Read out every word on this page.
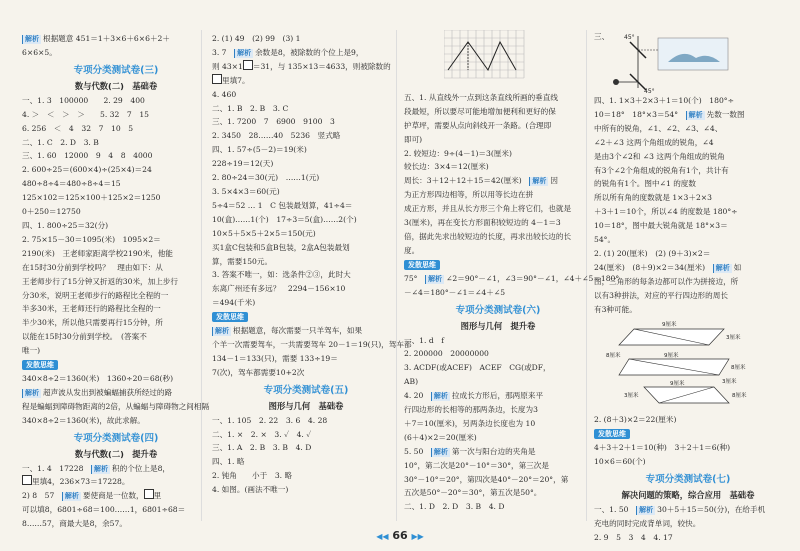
解析 根据题意 451＝1＋3×6＋6×6＋2＋
6×6×5。
专项分类测试卷(三)
数与代数(二)　基础卷
一、1. 3　100000　　2. 29　400
4. ＞　＜　＞　＞　　5. 32　7　15
6. 256　＜　4　32　7　10　5
二、1. C　2. D　3. B
三、1. 60　12000　9　4　8　4000
2. 600÷25＝(600×4)÷(25×4)＝24
480÷8÷4＝480÷8÷4＝15
125×102＝125×100＋125×2＝1250
0＋250＝12750
四、1. 800÷25＝32(分)
2. 75×15－30＝1095(米)　1095×2＝
2190(米)　王老师家距离学校2190米，他能
在15时30分前到学校吗？　理由如下：从
王老师步行了15分钟又折返的30米，加上步行
分30米，说明王老师步行的路程比全程的一
半多30米，王老师还行的路程比全程的一
半少30米，所以他只需要再行15分钟，所
以能在15时30分前到学校。　(答案不
唯一)
发散思维
340×8÷2＝1360(米)　1360÷20＝68(秒)
解析 超声波从发出到被蝙蝠捕获所经过的路
程是蝙蝠到障碍物距离的2倍，从蝙蝠与障碍物之间相隔
340×8÷2＝1360(米)，故此求解。
专项分类测试卷(四)
数与代数(二)　提升卷
一、1. 4　17228　 解析 积的个位上是8，
里填4，236×73＝17228。
2) 8　57　 解析 要使商是一位数， 里
可以填8，6801÷68＝100……1，6801÷68＝
8……57，商最大是8，余57。
2. (1) 49　(2) 99　(3) 1
3. 7　 解析 余数是8，被除数的个位上是9，
则 43×1 ＝31，与 135×13＝4633，则被除数的
里填7。
4. 460
二、1. B　2. B　3. C
三、1. 7200　7　6900　9100　3
2. 3450　28……40　5236　竖式略
四、1. 57÷(5－2)＝19(米)
228÷19＝12(天)
2. 80÷24＝30(元)　……1(元)
3. 5×4×3＝60(元)
5÷4＝52 … 1　C 包装最划算，41÷4＝
10(盒)……1(个)　17÷3＝5(盒)……2(个)
10×5＋5×5＋2×5＝150(元)
买1盒C包装和5盒B包装，2盒A包装最划
算，需要150元。
3. 答案不唯一，如：选条件②③，此时大
东离广州还有多远？　2294－156×10
＝494(千米)
发散思维
解析 根据题意，每次需要一只羊驾车，如果
个羊一次需要驾车，一共需要驾车 20－1＝19(只)，驾车都
134－1＝133(只)，需要 133÷19＝
7(次)，驾车都需要10+2次
专项分类测试卷(五)
图形与几何　基础卷
一、1. 105　2. 22　3. 6　4. 28
二、1. ×　2. ×　3. ✓　4. ✓
三、1. A　2. B　3. B　4. D
四、1. 略
2. 钝角　　小于　3. 略
4. 如图。(画法不唯一)
五、1. 从直线外一点到这条直线所画的垂直线
段最短，所以要尽可能地增加便利和更好的保
护草坪，需要从点向斜线开一条路。(合理即
即可)
2. 较短边：9÷(4－1)＝3(厘米)
较长边：3×4＝12(厘米)
周长：3＋12＋12＋15＝42(厘米)　 解析 因
为正方形四边相等，所以用等长边在拼
成正方形，并且从长方形三个角上将它们，也就是
3(厘米)，再在变长方形面积较短边的 4－1＝3
倍，据此先求出较短边的长度，再求出较长边的长
度。
发散思维
75°　 解析 ∠2＝90°－∠1，∠3＝90°－∠1，∠4＋∠5＝180°
－∠4＝180°－∠1＝∠4＋∠5
专项分类测试卷(六)
图形与几何　提升卷
一、1. d　f
2. 200000　20000000
3. ACDF(或ACEF)　ACEF　CG(或DF，
AB)
4. 20　 解析 拉成长方形后，那两原来平
行四边形的长相等的那两条边，长度为3
＋7＝10(厘米)，另两条边长度也为 10
(6＋4)×2＝20(厘米)
5. 50　 解析 第一次与阳台边的夹角是
10°，第二次是20°－10°＝30°，第三次是
30°－10°＝20°，第四次是40°－20°＝20°，第
五次是50°－20°＝30°，第五次是50°。
二、1. D　2. D　3. B　4. D
三、 45°
45°
四、1. 1×3＋2×3＋1＝10(个)　180°÷
10＝18°　18°×3＝54°　 解析 先数一数图
中所有的锐角，∠1、∠2、∠3、∠4、
∠2＋∠3 这两个角组成的锐角，∠4
是由3个∠2和 ∠3 这两个角组成的锐角
有3个∠2个角组成的锐角有1个，共计有
的锐角有1个。图中∠1 的度数
所以所有角的度数就是 1×3＋2×3
＋3＋1＝10个，所以∠4 的度数是 180°÷
10＝18°，图中最大锐角就是 18°×3＝
54°。
2. (1) 20(厘米)　(2) (9＋3)×2＝
24(厘米)　(8＋9)×2＝34(厘米)　 解析 如
图，三角形的每条边都可以作为拼接边，所
以有3种拼法，对应的平行四边形的周长
有3种可能。
9厘米
3厘米
8厘米	9厘米
8厘米
3厘米
9厘米
3厘米	8厘米
2. (8＋3)×2＝22(厘米)
发散思维
4＋3＋2＋1＝10(种)　3＋2＋1＝6(种)
10×6＝60(个)
专项分类测试卷(七)
解决问题的策略，综合应用　基础卷
一、1. 50　 解析 30＋5＋15＝50(分)，在给手机
充电的同时完成背单词，较快。
2. 9　5　3　4　4. 17
◀◀ 66 ▶▶
